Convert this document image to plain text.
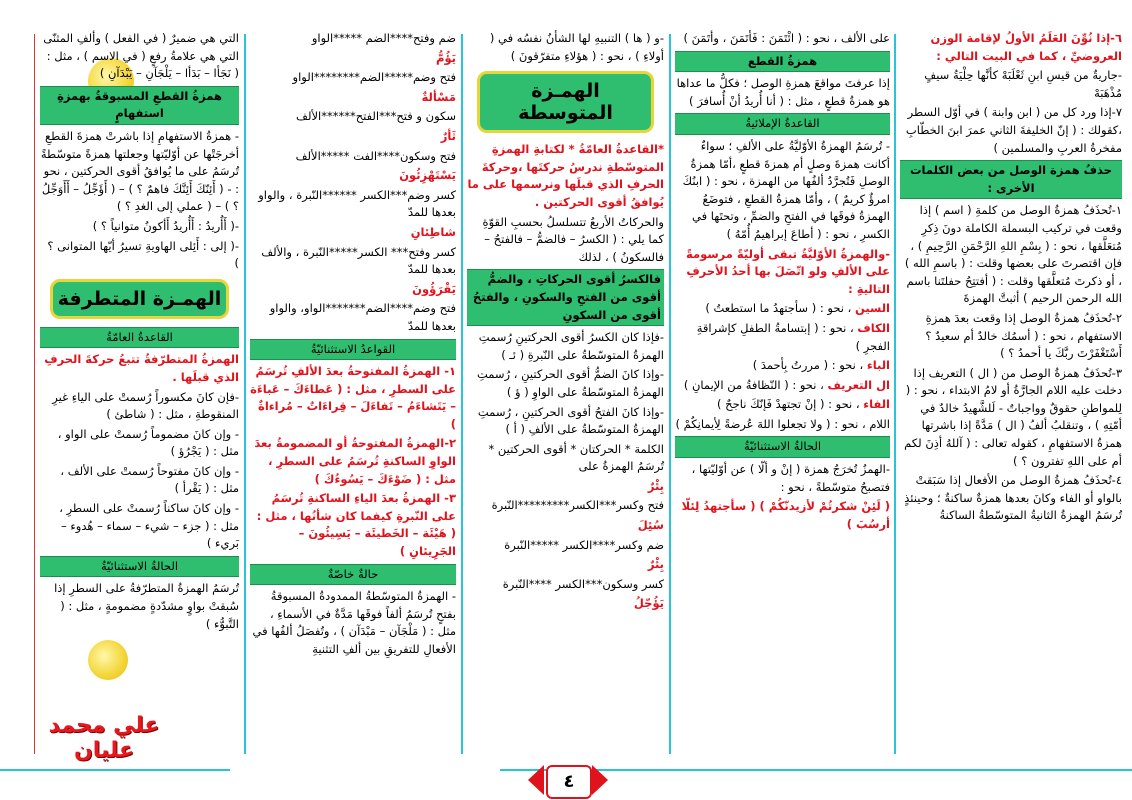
٦-إذا نُوِّنَ العَلَمُ الأولُ لإقامة الوزن العروضيِّ ، كما في البيت التالي :

-جاريةٌ من قيسِ ابنِ ثَعْلَبَهْ كأنَّها حِلْيَةُ سيفٍ مُذْهَبَهْ

٧-إذا ورد كل من ( ابن وابنة ) في أوّل السطر ،كقولك : ( إنّ الخليفةَ الثاني عمرَ ابنَ الخطّابِ مفخرةُ العربِ والمسلمين )

حذفُ همزة الوصل من بعض الكلمات الأخرى :

١-تُحذَفُ همزةُ الوصل من كلمةِ ( اسم ) إذا وقعت في تركيب البسملة الكاملة دونَ ذِكرِ مُتعَلَّقها ، نحو : ( بِسْمِ اللهِ الرَّحْمَنِ الرَّحِيمِ ) ، فإن اقتصرتَ على بعضها وقلت : ( باسمِ الله ) ، أو ذكرتَ مُتعلَّقها وقلت : ( أفتتِحُ حفلتَنا باسم الله الرحمن الرحيم ) أثبتَّ الهمزةَ

٢-تُحذَفُ همزةُ الوصل إذا وقعت بعدَ همزةِ الاستفهام ، نحو : ( أسمُك خالدٌ أم سعيدٌ ؟ أَسْتَغْفَرْتَ ربَّكَ يا أحمدُ ؟ )

٣-تُحذَفُ همزةُ الوصل من ( ال ) التعريف إذا دخلت عليه اللام الجارَّةُ أو لامُ الابتداء ، نحو : ( لِلمواطنِ حقوقٌ وواجباتٌ - لَلشَّهيدُ خالدٌ في أمّتِهِ ) ، وتنقلبُ ألفُ ( ال ) مَدَّةً إذا باشرتها همزةُ الاستفهامِ ، كقوله تعالى : ( آللهُ أذِنَ لكم أم على اللهِ تفترون ؟ )

٤-تُحذَفُ همزةُ الوصل من الأفعال إذا سَبَقتْ بالواو أو الفاء وكانَ بعدها همزةٌ ساكنةٌ ؛ وحينئذٍ تُرسَمُ الهمزةُ الثانيةُ المتوسّطةُ الساكنةُ

على الألف ، نحو : ( ائْتَمَنَ : فَأْتَمَنَ ، وأْتَمَنَ )

همزةُ القطع

إذا عرفتَ مواقعَ همزةِ الوصل ؛ فكلُّ ما عداها هو همزةُ قطعٍ ، مثل : ( أنا أُريدُ أنْ أُسافرَ )

القاعدةُ الإملائيةُ

- تُرسَمُ الهمزةُ الأوّليَّةُ على الألفِ ؛ سواءٌ أكانت همزةَ وصلٍ أم همزةَ قطعٍ ،أمّا همزةُ الوصلِ فَتُجرَّدُ ألفُها من الهمزة ، نحو : ( ابنُكَ امرؤٌ كريمٌ ) ، وأمّا همزةُ القطعِ ، فتوضَعُ الهمزةُ فوقَها في الفتحِ والضمِّ ، وتحتَها في الكسرِ ، نحو : ( أطاعَ إبراهيمُ أُمّهُ )

-والهمزةُ الأوّليَّةُ تبقى أوليّةً مرسومةً على الألفِ ولو اتّصَلَ بها أحدُ الأحرفِ التاليةِ :

السين ، نحو : ( سأجتهدُ ما استطعتُ )

الكاف ، نحو : ( إبتسامةُ الطفلِ كإشراقةِ الفجرِ )

الباء ، نحو : ( مررتُ بِأحمدَ )

ال التعريف ، نحو : ( النّظافةُ من الإيمانِ )

الفاء ، نحو : ( إنْ تجتهدْ فَإنّكَ ناجحٌ )

اللام ، نحو : ( ولا تجعلوا اللهَ عُرضةً لِأيمانِكُمْ )

الحالةُ الاستثنائيّةُ

-الهمزُ تُخرَجُ همزة ( إنْ و ألّا ) عن أوّليّتها ، فتصبحُ متوسّطةً ، نحو :

( لَئِنْ شكرتُمْ لأزيدنّكُمْ ) ( سأجتهدُ لِئلّا أرسُبَ )

-و ( ها ) التنبيهِ لها الشأنُ نفسُه في ( أولاءِ ) ، نحو : ( هؤلاءِ متفرّقونَ )

الهمـزة المتوسطة

*القاعدةُ العامّةُ * لكتابةِ الهمزةِ المتوسّطةِ ندرسُ حركتَها ،وحركةَ الحرفِ الذي قبلَها ونرسمها على ما يُوافقُ أقوى الحركتين .

والحركاتُ الأربعُ تتسلسلُ بحسبِ القوّةِ كما يلي : ( الكسرُ – فالضمُّ – فالفتحُ – فالسكونُ ) ، لذلك

فالكسرُ أقوى الحركاتِ ، والضمُّ أقوى من الفتحِ والسكونِ ، والفتحُ أقوى من السكونِ

-فإذا كان الكسرُ أقوى الحركتينِ رُسمتِ الهمزةُ المتوسّطةُ على النّبرةِ ( ئـ )

-وإذا كانَ الضمُّ أقوى الحركتينِ ، رُسمتِ الهمزةُ المتوسّطةُ على الواوِ ( ؤ )

-وإذا كانَ الفتحُ أقوى الحركتينِ ، رُسمتِ الهمزةُ المتوسّطةُ على الألفِ ( أ )

الكلمة * الحركتان * أقوى الحركتين * تُرسَمُ الهمزةُ على

بِئْرٌ

فتح وكسر***الكسر*********النّبرة

سُئِلَ

ضم وكسر****الكسر *****النّبرة

بِئْرٌ

كسر وسكون***الكسر ****النّبرة

يَؤُجّلُ

ضم وفتح****الضم *****الواو

يَؤُمُّ

فتح وضم*****الضم********الواو

مَسْألةٌ

سكون و فتح***الفتح******الألف

ثَأرٌ

فتح وسكون****الفت *****الألف

يَسْتَهْزِئُونَ

كسر وضم***الكسر ******النّبرة ، والواو بعدها للمدّ

شاطِئانِ

كسر وفتح*** الكسر*****النّبرة ، والألف بعدها للمدّ

يَقْرَؤُونَ

فتح وضم****الضم*******الواو، والواو بعدها للمدّ

القواعدُ الاستثنائيّةُ

١- الهمزةُ المفتوحةُ بعدَ الألفِ تُرسَمُ على السطرِ ، مثل : ( عَطاءَكَ – عَباءَة – يَتَشاءَمُ – تَفاءَلَ – قِراءَاتٌ – مُراءاةٌ )

٢-الهمزةُ المفتوحةُ أو المضمومةُ بعدَ الواوِ الساكنةِ تُرسَمُ على السطرِ ، مثل : ( ضَوْءَكَ – يَسُوءُكَ )

٣- الهمزةُ بعدَ الياءِ الساكنةِ تُرسَمُ على النّبرةِ كيفما كان شأنُها ، مثل : ( هَيْئَة – الخَطيئَة – يَسِيئُونَ – الجَرِيئانِ )

حالةٌ خاصّةٌ

- الهمزةُ المتوسّطةُ الممدودةُ المسبوقةُ بفتحٍ تُرسَمُ ألفاً فوقَها مَدَّةٌ في الأسماءِ ، مثل : ( مَلْجَآن – مَبْدَآن ) ، وتُفصَلُ ألفُها في الأفعالِ للتفريقِ بين ألفِ التثنيةِ

التي هي ضميرٌ ( في الفعل ) وألفِ المثنّى التي هي علامةُ رفعٍ ( في الاسم ) ، مثل : ( نَجَأا – بَدَأا – يَلْجَآنِ – يَبْدَآنِ )

همزةُ القطعِ المسبوقةُ بهمزةِ استفهامٍ

- همزةُ الاستفهامِ إذا باشرتْ همزةَ القطعِ أخرجَتْها عن أوّليّتها وجعلتها همزةً متوسّطةً تُرسَمُ على ما يُوافقُ أقوى الحركتين ، نحو : - ( أَئِنّكَ أَئِنَّكَ فاهمٌ ؟ ) – ( أَؤَجِّلُ – أَأَوَجِّلُ ؟ ) – ( عملي إلى الغدِ ؟ )

-( أَأُريدُ : أَأُريدُ أَأكونُ متوانياً ؟ )

-( إلى : أَئِلى الهاويةِ تسيرُ أيّها المتوانى ؟ )

الهمـزة المتطرفة
القاعدةُ العامّةُ

الهمزةُ المتطرّفةُ تتبعُ حركةَ الحرفِ الذي قبلَها .

-فإن كانَ مكسوراً رُسمتْ على الياءِ غيرِ المنقوطةِ ، مثل : ( شاطئ )

- وإن كانَ مضموماً رُسمتْ على الواو ، مثل : ( يَجْرُؤ )

- وإن كانَ مفتوحاً رُسمتْ على الألف ، مثل : ( يَقْرأ )

- وإن كانَ ساكناً رُسمتْ على السطرِ ، مثل : ( جزء – شيء – سماء – هُدوء – بَريء )

الحالةُ الاستثنائيّةُ

تُرسَمُ الهمزةُ المتطرّفةُ على السطرِ إذا سُبقتْ بواوٍ مشدّدةٍ مضمومةٍ ، مثل : ( التَّبوُّء )

علي محمد عليان
٤
